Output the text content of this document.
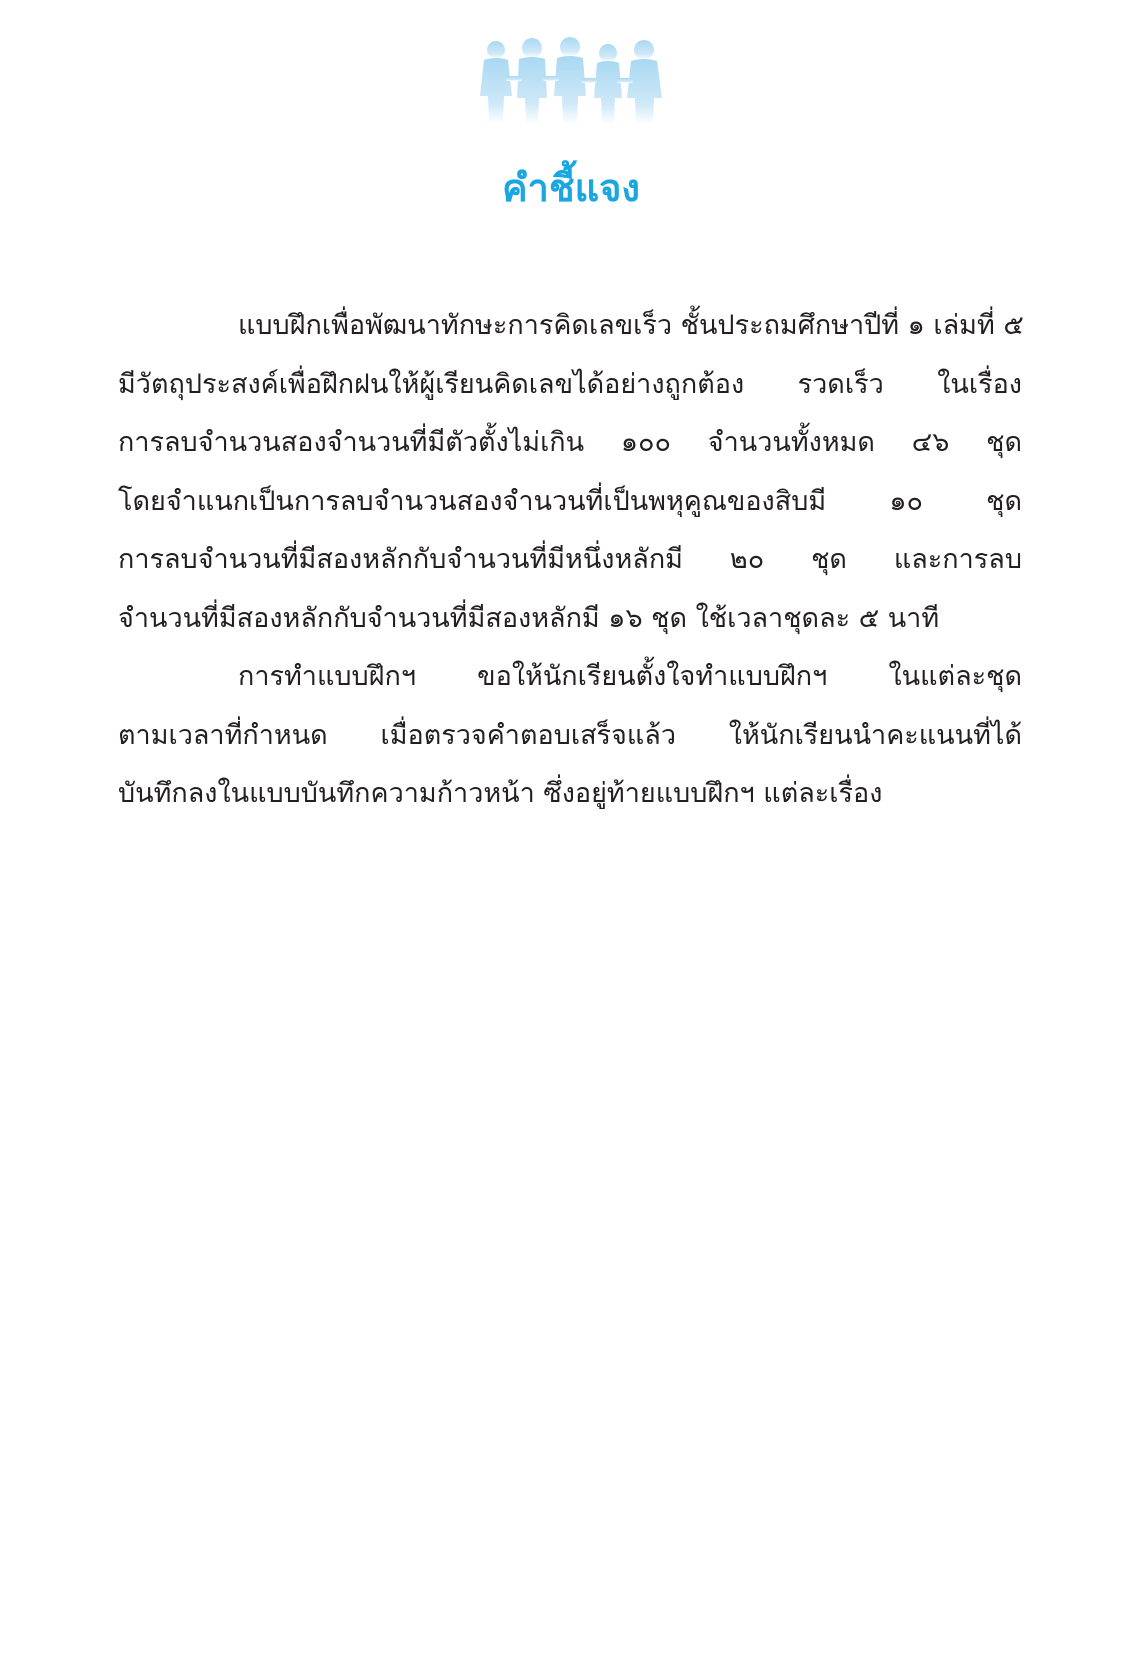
คำชี้แจง
แบบฝึกเพื่อพัฒนาทักษะการคิดเลขเร็ว ชั้นประถมศึกษาปีที่ ๑ เล่มที่ ๕
มีวัตถุประสงค์เพื่อฝึกฝนให้ผู้เรียนคิดเลขได้อย่างถูกต้อง รวดเร็ว ในเรื่อง
การลบจำนวนสองจำนวนที่มีตัวตั้งไม่เกิน ๑๐๐ จำนวนทั้งหมด ๔๖ ชุด
โดยจำแนกเป็นการลบจำนวนสองจำนวนที่เป็นพหุคูณของสิบมี ๑๐ ชุด
การลบจำนวนที่มีสองหลักกับจำนวนที่มีหนึ่งหลักมี ๒๐ ชุด และการลบ
จำนวนที่มีสองหลักกับจำนวนที่มีสองหลักมี ๑๖ ชุด ใช้เวลาชุดละ ๕ นาที
การทำแบบฝึกฯ ขอให้นักเรียนตั้งใจทำแบบฝึกฯ ในแต่ละชุด
ตามเวลาที่กำหนด เมื่อตรวจคำตอบเสร็จแล้ว ให้นักเรียนนำคะแนนที่ได้
บันทึกลงในแบบบันทึกความก้าวหน้า ซึ่งอยู่ท้ายแบบฝึกฯ แต่ละเรื่อง
